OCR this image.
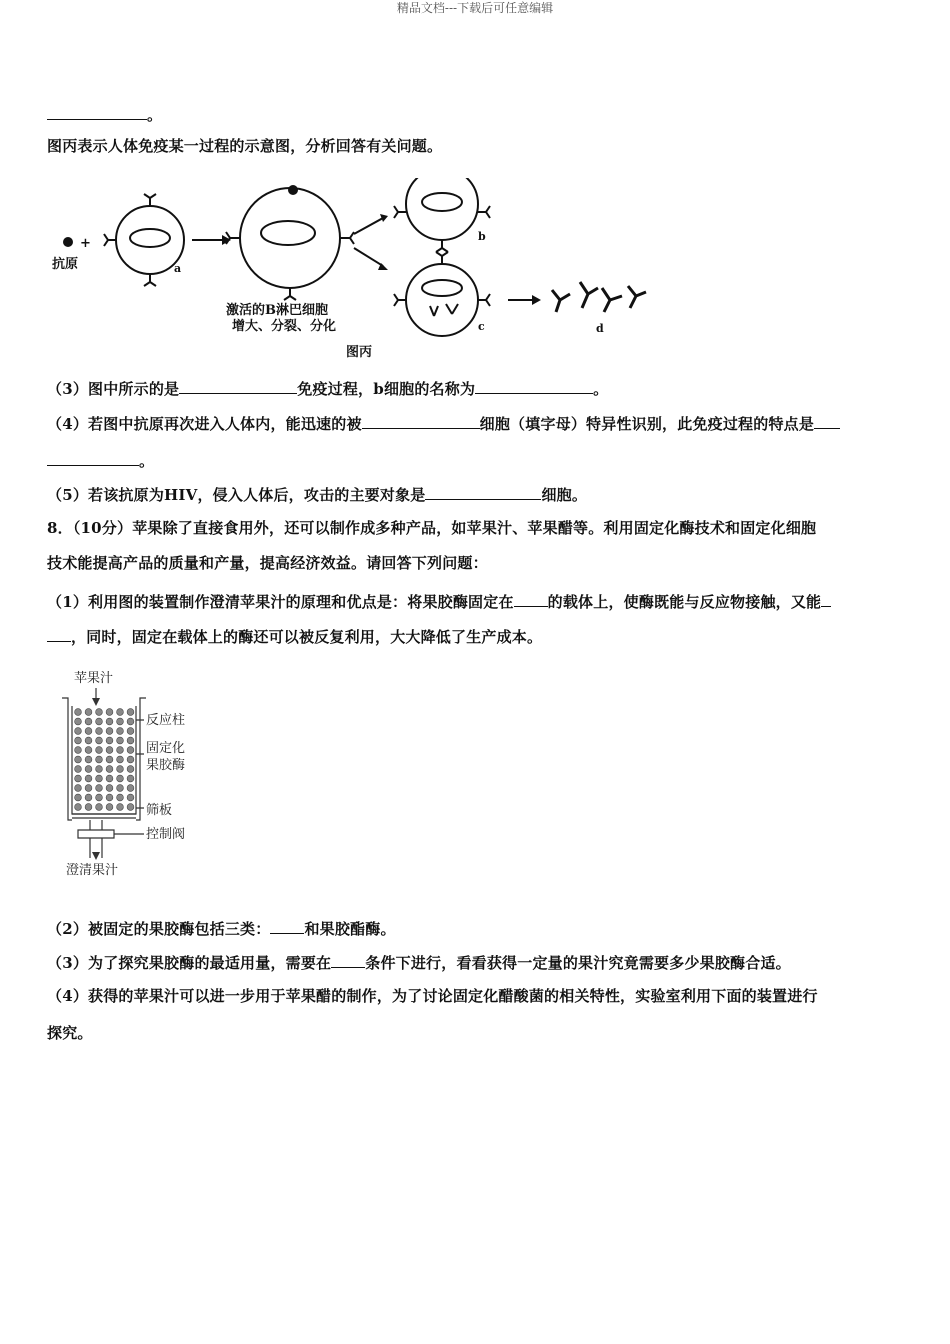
精品文档---下载后可任意编辑
。
图丙表示人体免疫某一过程的示意图，分析回答有关问题。
+
抗原	a
b
c	d
激活的B淋巴细胞
增大、分裂、分化
图丙
（3）图中所示的是	免疫过程，b细胞的名称为	。
（4）若图中抗原再次进入人体内，能迅速的被	细胞（填字母）特异性识别，此免疫过程的特点是
。
（5）若该抗原为HIV，侵入人体后，攻击的主要对象是	细胞。
8．（10分）苹果除了直接食用外，还可以制作成多种产品，如苹果汁、苹果醋等。利用固定化酶技术和固定化细胞
技术能提高产品的质量和产量，提高经济效益。请回答下列问题：
（1）利用图的装置制作澄清苹果汁的原理和优点是：将果胶酶固定在 的载体上，使酶既能与反应物接触，又能
，同时，固定在载体上的酶还可以被反复利用，大大降低了生产成本。
苹果汁
反应柱
固定化
果胶酶
筛板
控制阀
澄清果汁
（2）被固定的果胶酶包括三类： 和果胶酯酶。
（3）为了探究果胶酶的最适用量，需要在 条件下进行，看看获得一定量的果汁究竟需要多少果胶酶合适。
（4）获得的苹果汁可以进一步用于苹果醋的制作，为了讨论固定化醋酸菌的相关特性，实验室利用下面的装置进行
探究。
